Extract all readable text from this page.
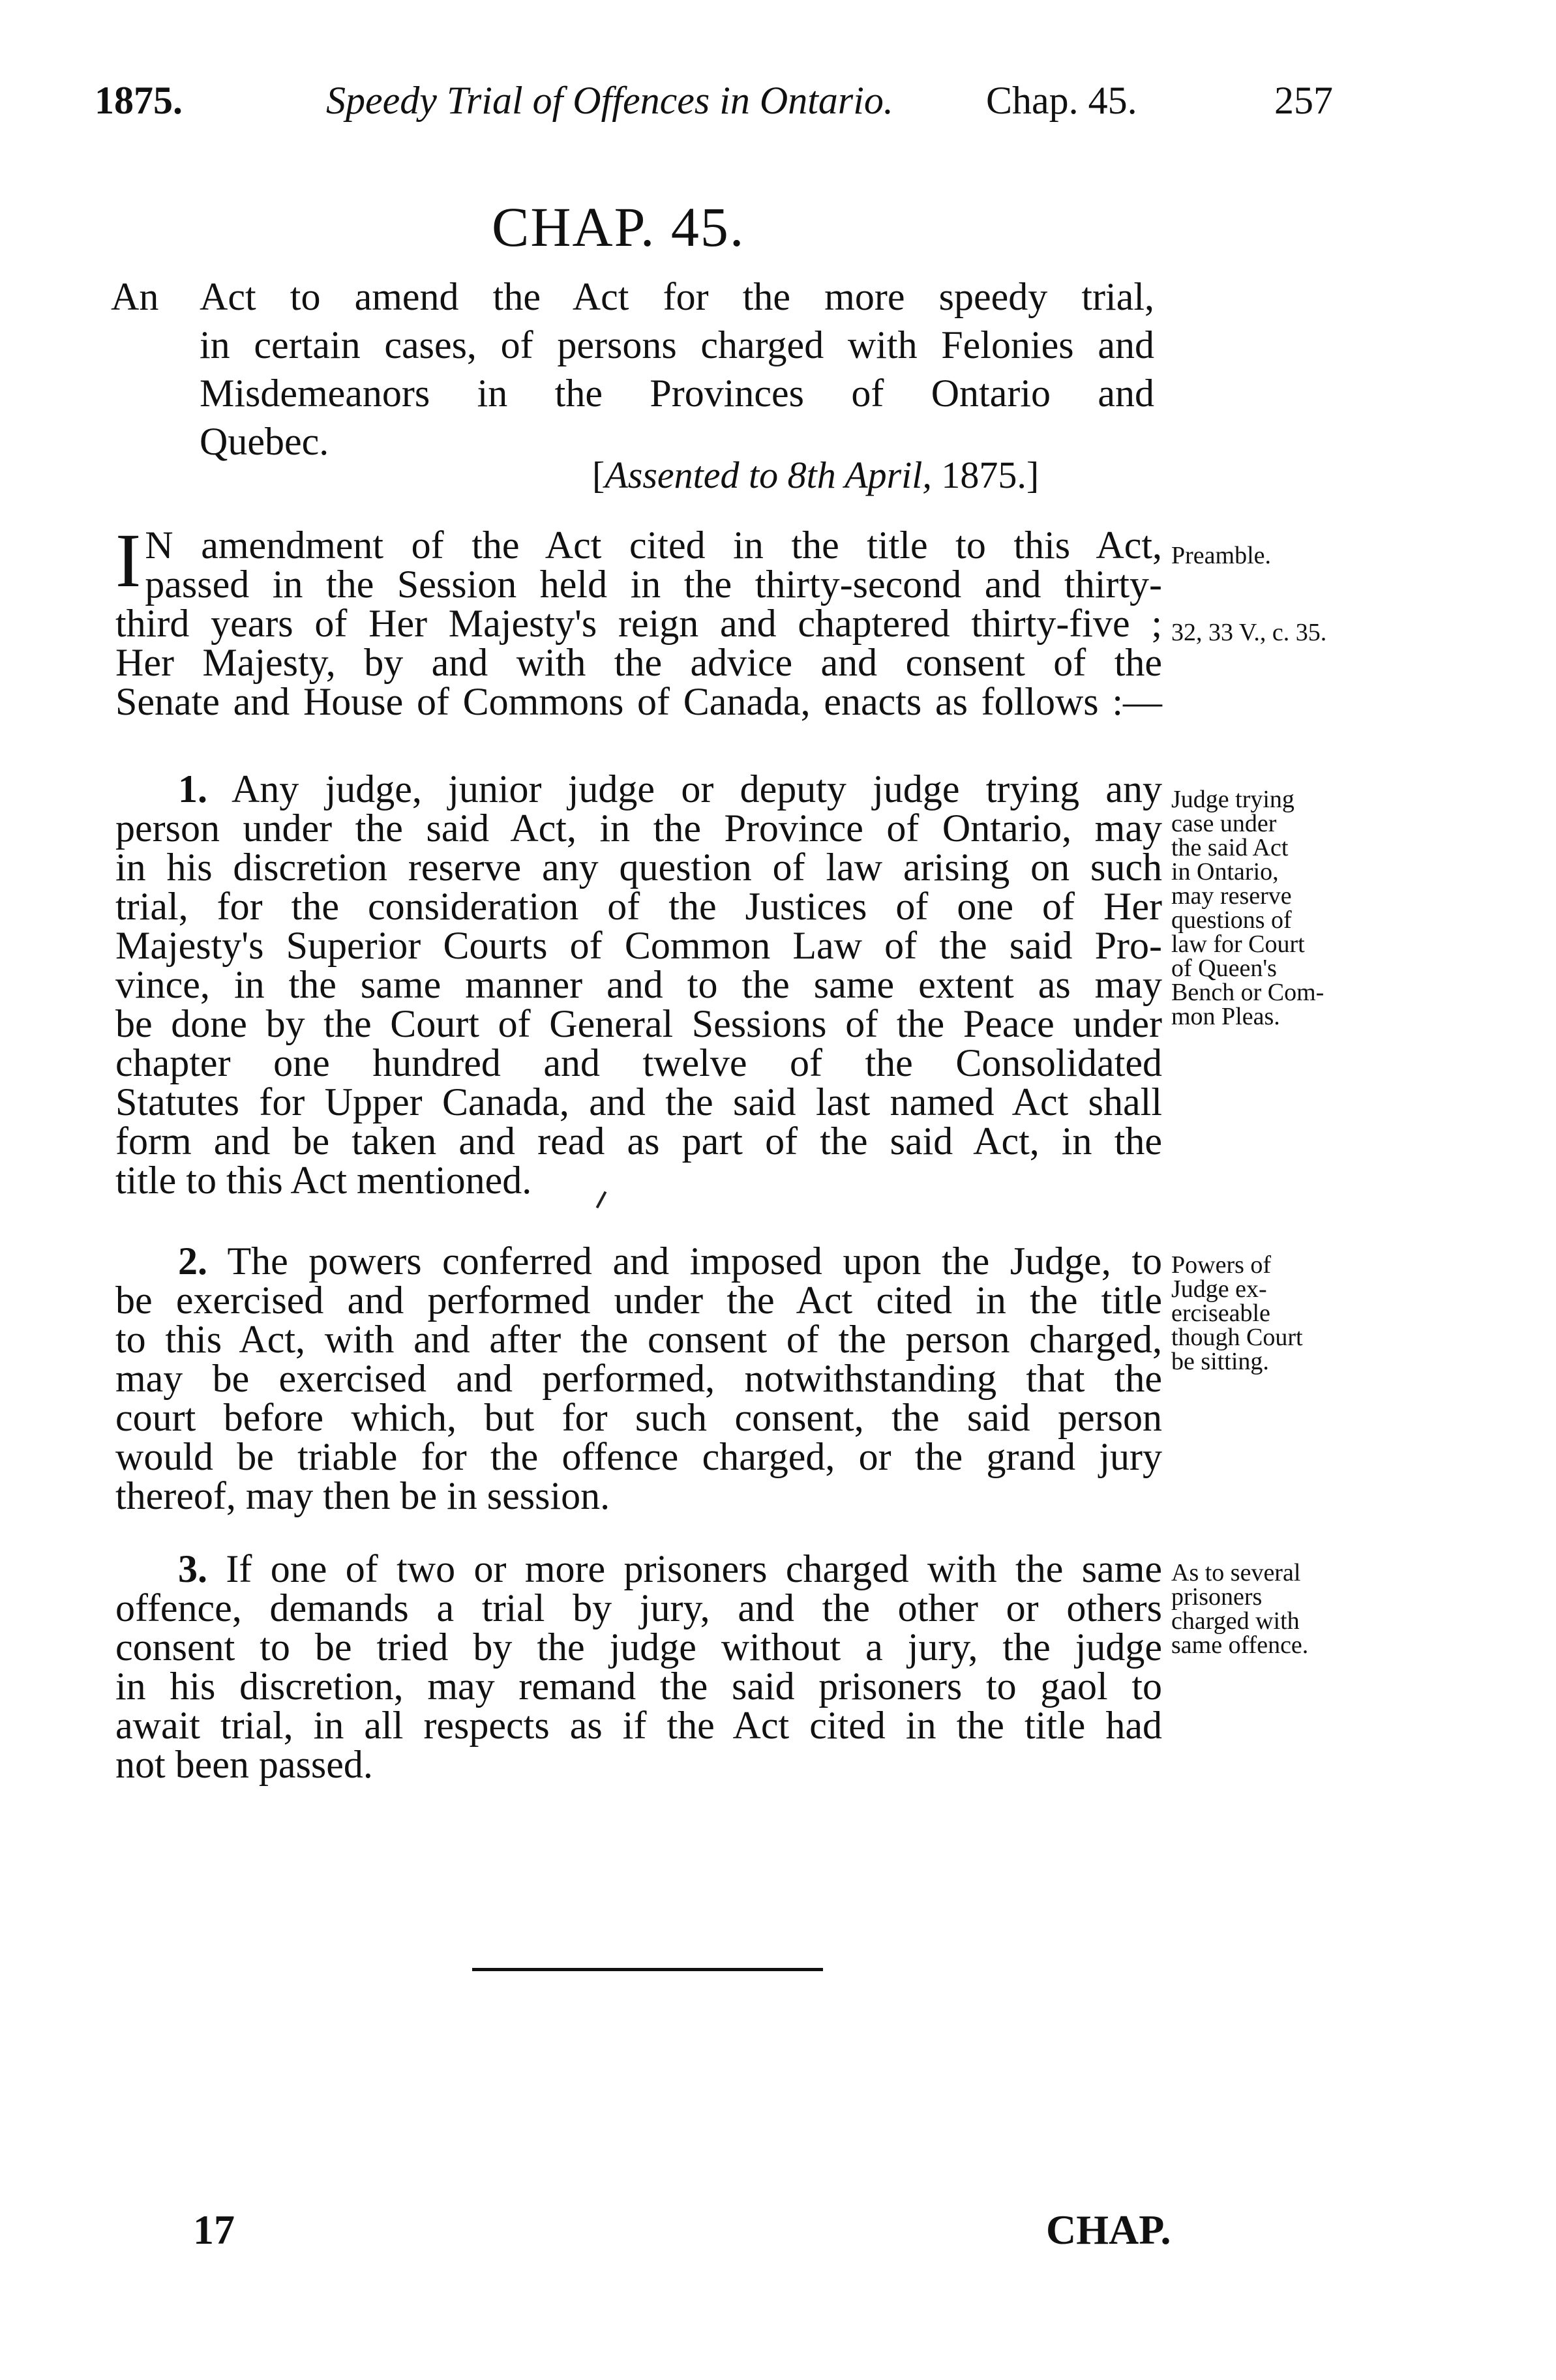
1875.	Speedy Trial of Offences in Ontario. Chap. 45.	257
CHAP. 45.
An Act to amend the Act for the more speedy trial,
in certain cases, of persons charged with Felonies and
Misdemeanors in the Provinces of Ontario and
Quebec.
[Assented to 8th April, 1875.]
I N amendment of the Act cited in the title to this Act,
passed in the Session held in the thirty-second and thirty-
third years of Her Majesty's reign and chaptered thirty-five ;
Her Majesty, by and with the advice and consent of the
Senate and House of Commons of Canada, enacts as follows :—
Preamble.
32, 33 V., c. 35.
1. Any judge, junior judge or deputy judge trying any
person under the said Act, in the Province of Ontario, may
in his discretion reserve any question of law arising on such
trial, for the consideration of the Justices of one of Her
Majesty's Superior Courts of Common Law of the said Pro-
vince, in the same manner and to the same extent as may
be done by the Court of General Sessions of the Peace under
chapter one hundred and twelve of the Consolidated
Statutes for Upper Canada, and the said last named Act shall
form and be taken and read as part of the said Act, in the
title to this Act mentioned.
Judge trying
case under
the said Act
in Ontario,
may reserve
questions of
law for Court
of Queen's
Bench or Com-
mon Pleas.
2. The powers conferred and imposed upon the Judge, to
be exercised and performed under the Act cited in the title
to this Act, with and after the consent of the person charged,
may be exercised and performed, notwithstanding that the
court before which, but for such consent, the said person
would be triable for the offence charged, or the grand jury
thereof, may then be in session.
Powers of
Judge ex-
erciseable
though Court
be sitting.
3. If one of two or more prisoners charged with the same
offence, demands a trial by jury, and the other or others
consent to be tried by the judge without a jury, the judge
in his discretion, may remand the said prisoners to gaol to
await trial, in all respects as if the Act cited in the title had
not been passed.
As to several
prisoners
charged with
same offence.
17	CHAP.
